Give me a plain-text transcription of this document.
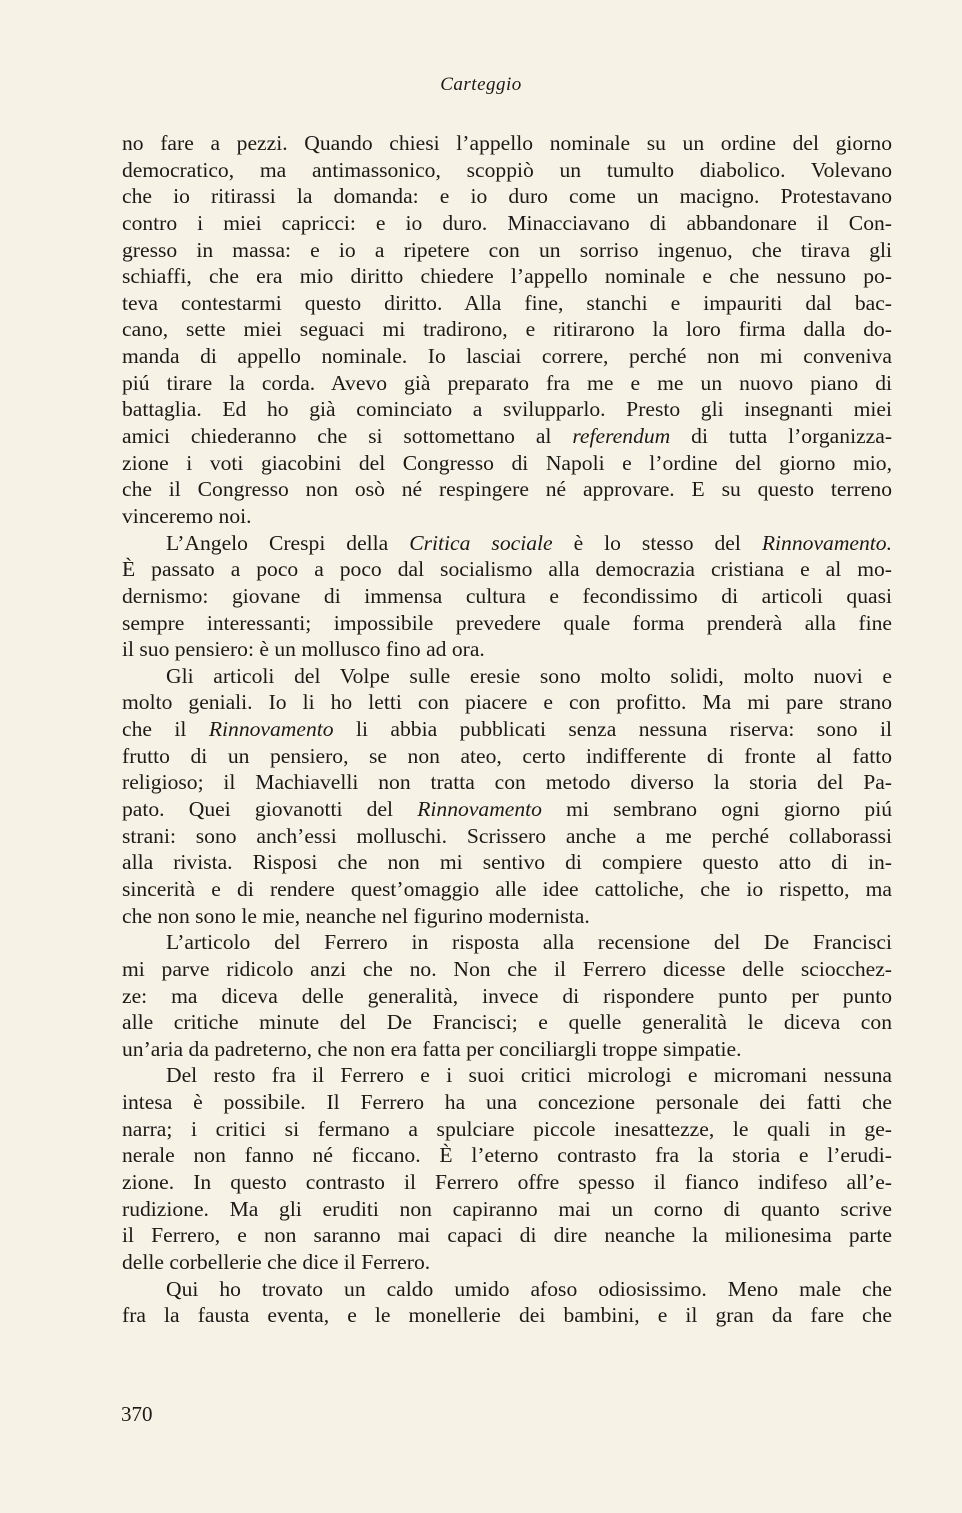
Carteggio
no fare a pezzi. Quando chiesi l’appello nominale su un ordine del giorno
democratico, ma antimassonico, scoppiò un tumulto diabolico. Volevano
che io ritirassi la domanda: e io duro come un macigno. Protestavano
contro i miei capricci: e io duro. Minacciavano di abbandonare il Con-
gresso in massa: e io a ripetere con un sorriso ingenuo, che tirava gli
schiaffi, che era mio diritto chiedere l’appello nominale e che nessuno po-
teva contestarmi questo diritto. Alla fine, stanchi e impauriti dal bac-
cano, sette miei seguaci mi tradirono, e ritirarono la loro firma dalla do-
manda di appello nominale. Io lasciai correre, perché non mi conveniva
piú tirare la corda. Avevo già preparato fra me e me un nuovo piano di
battaglia. Ed ho già cominciato a svilupparlo. Presto gli insegnanti miei
amici chiederanno che si sottomettano al referendum di tutta l’organizza-
zione i voti giacobini del Congresso di Napoli e l’ordine del giorno mio,
che il Congresso non osò né respingere né approvare. E su questo terreno
vinceremo noi.
L’Angelo Crespi della Critica sociale è lo stesso del Rinnovamento.
È passato a poco a poco dal socialismo alla democrazia cristiana e al mo-
dernismo: giovane di immensa cultura e fecondissimo di articoli quasi
sempre interessanti; impossibile prevedere quale forma prenderà alla fine
il suo pensiero: è un mollusco fino ad ora.
Gli articoli del Volpe sulle eresie sono molto solidi, molto nuovi e
molto geniali. Io li ho letti con piacere e con profitto. Ma mi pare strano
che il Rinnovamento li abbia pubblicati senza nessuna riserva: sono il
frutto di un pensiero, se non ateo, certo indifferente di fronte al fatto
religioso; il Machiavelli non tratta con metodo diverso la storia del Pa-
pato. Quei giovanotti del Rinnovamento mi sembrano ogni giorno piú
strani: sono anch’essi molluschi. Scrissero anche a me perché collaborassi
alla rivista. Risposi che non mi sentivo di compiere questo atto di in-
sincerità e di rendere quest’omaggio alle idee cattoliche, che io rispetto, ma
che non sono le mie, neanche nel figurino modernista.
L’articolo del Ferrero in risposta alla recensione del De Francisci
mi parve ridicolo anzi che no. Non che il Ferrero dicesse delle sciocchez-
ze: ma diceva delle generalità, invece di rispondere punto per punto
alle critiche minute del De Francisci; e quelle generalità le diceva con
un’aria da padreterno, che non era fatta per conciliargli troppe simpatie.
Del resto fra il Ferrero e i suoi critici micrologi e micromani nessuna
intesa è possibile. Il Ferrero ha una concezione personale dei fatti che
narra; i critici si fermano a spulciare piccole inesattezze, le quali in ge-
nerale non fanno né ficcano. È l’eterno contrasto fra la storia e l’erudi-
zione. In questo contrasto il Ferrero offre spesso il fianco indifeso all’e-
rudizione. Ma gli eruditi non capiranno mai un corno di quanto scrive
il Ferrero, e non saranno mai capaci di dire neanche la milionesima parte
delle corbellerie che dice il Ferrero.
Qui ho trovato un caldo umido afoso odiosissimo. Meno male che
fra la fausta eventa, e le monellerie dei bambini, e il gran da fare che
370
